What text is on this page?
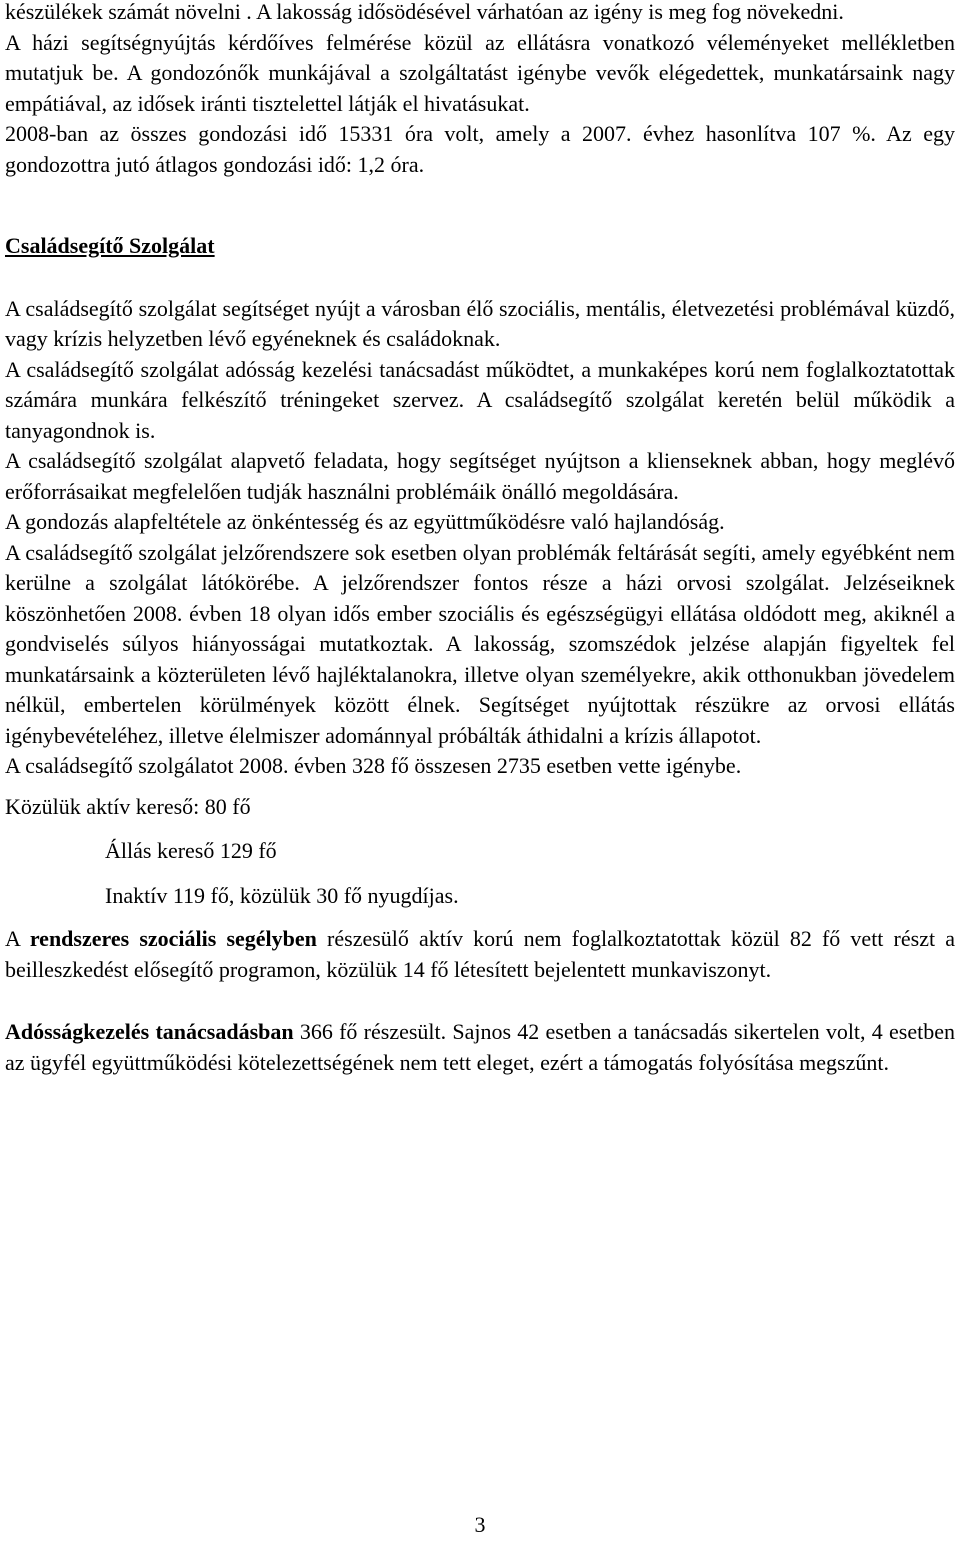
készülékek számát növelni . A lakosság idősödésével várhatóan az igény is meg fog növekedni.

A házi segítségnyújtás kérdőíves felmérése közül az ellátásra vonatkozó véleményeket mellékletben mutatjuk be. A gondozónők munkájával a szolgáltatást igénybe vevők elégedettek, munkatársaink nagy empátiával, az idősek iránti tisztelettel látják el hivatásukat.

2008-ban az összes gondozási idő 15331 óra volt, amely a 2007. évhez hasonlítva 107 %. Az egy gondozottra jutó átlagos gondozási idő: 1,2 óra.

Családsegítő Szolgálat

A családsegítő szolgálat segítséget nyújt a városban élő szociális, mentális, életvezetési problémával küzdő, vagy krízis helyzetben lévő egyéneknek és családoknak.

A családsegítő szolgálat adósság kezelési tanácsadást működtet, a munkaképes korú nem foglalkoztatottak számára munkára felkészítő tréningeket szervez. A családsegítő szolgálat keretén belül működik a tanyagondnok is.

A családsegítő szolgálat alapvető feladata, hogy segítséget nyújtson a klienseknek abban, hogy meglévő erőforrásaikat megfelelően tudják használni problémáik önálló megoldására.

A gondozás alapfeltétele az önkéntesség és az együttműködésre való hajlandóság.

A családsegítő szolgálat jelzőrendszere sok esetben olyan problémák feltárását segíti, amely egyébként nem kerülne a szolgálat látókörébe. A jelzőrendszer fontos része a házi orvosi szolgálat. Jelzéseiknek köszönhetően 2008. évben 18 olyan idős ember szociális és egészségügyi ellátása oldódott meg, akiknél a gondviselés súlyos hiányosságai mutatkoztak. A lakosság, szomszédok jelzése alapján figyeltek fel munkatársaink a közterületen lévő hajléktalanokra, illetve olyan személyekre, akik otthonukban jövedelem nélkül, embertelen körülmények között élnek. Segítséget nyújtottak részükre az orvosi ellátás igénybevételéhez, illetve élelmiszer adománnyal próbálták áthidalni a krízis állapotot.

A családsegítő szolgálatot 2008. évben 328 fő összesen 2735 esetben vette igénybe.

Közülük aktív kereső: 80 fő

Állás kereső 129 fő

Inaktív 119 fő, közülük 30 fő nyugdíjas.

A rendszeres szociális segélyben részesülő aktív korú nem foglalkoztatottak közül 82 fő vett részt a beilleszkedést elősegítő programon, közülük 14 fő létesített bejelentett munkaviszonyt.

Adósságkezelés tanácsadásban 366 fő részesült. Sajnos 42 esetben a tanácsadás sikertelen volt, 4 esetben az ügyfél együttműködési kötelezettségének nem tett eleget, ezért a támogatás folyósítása megszűnt.

3
